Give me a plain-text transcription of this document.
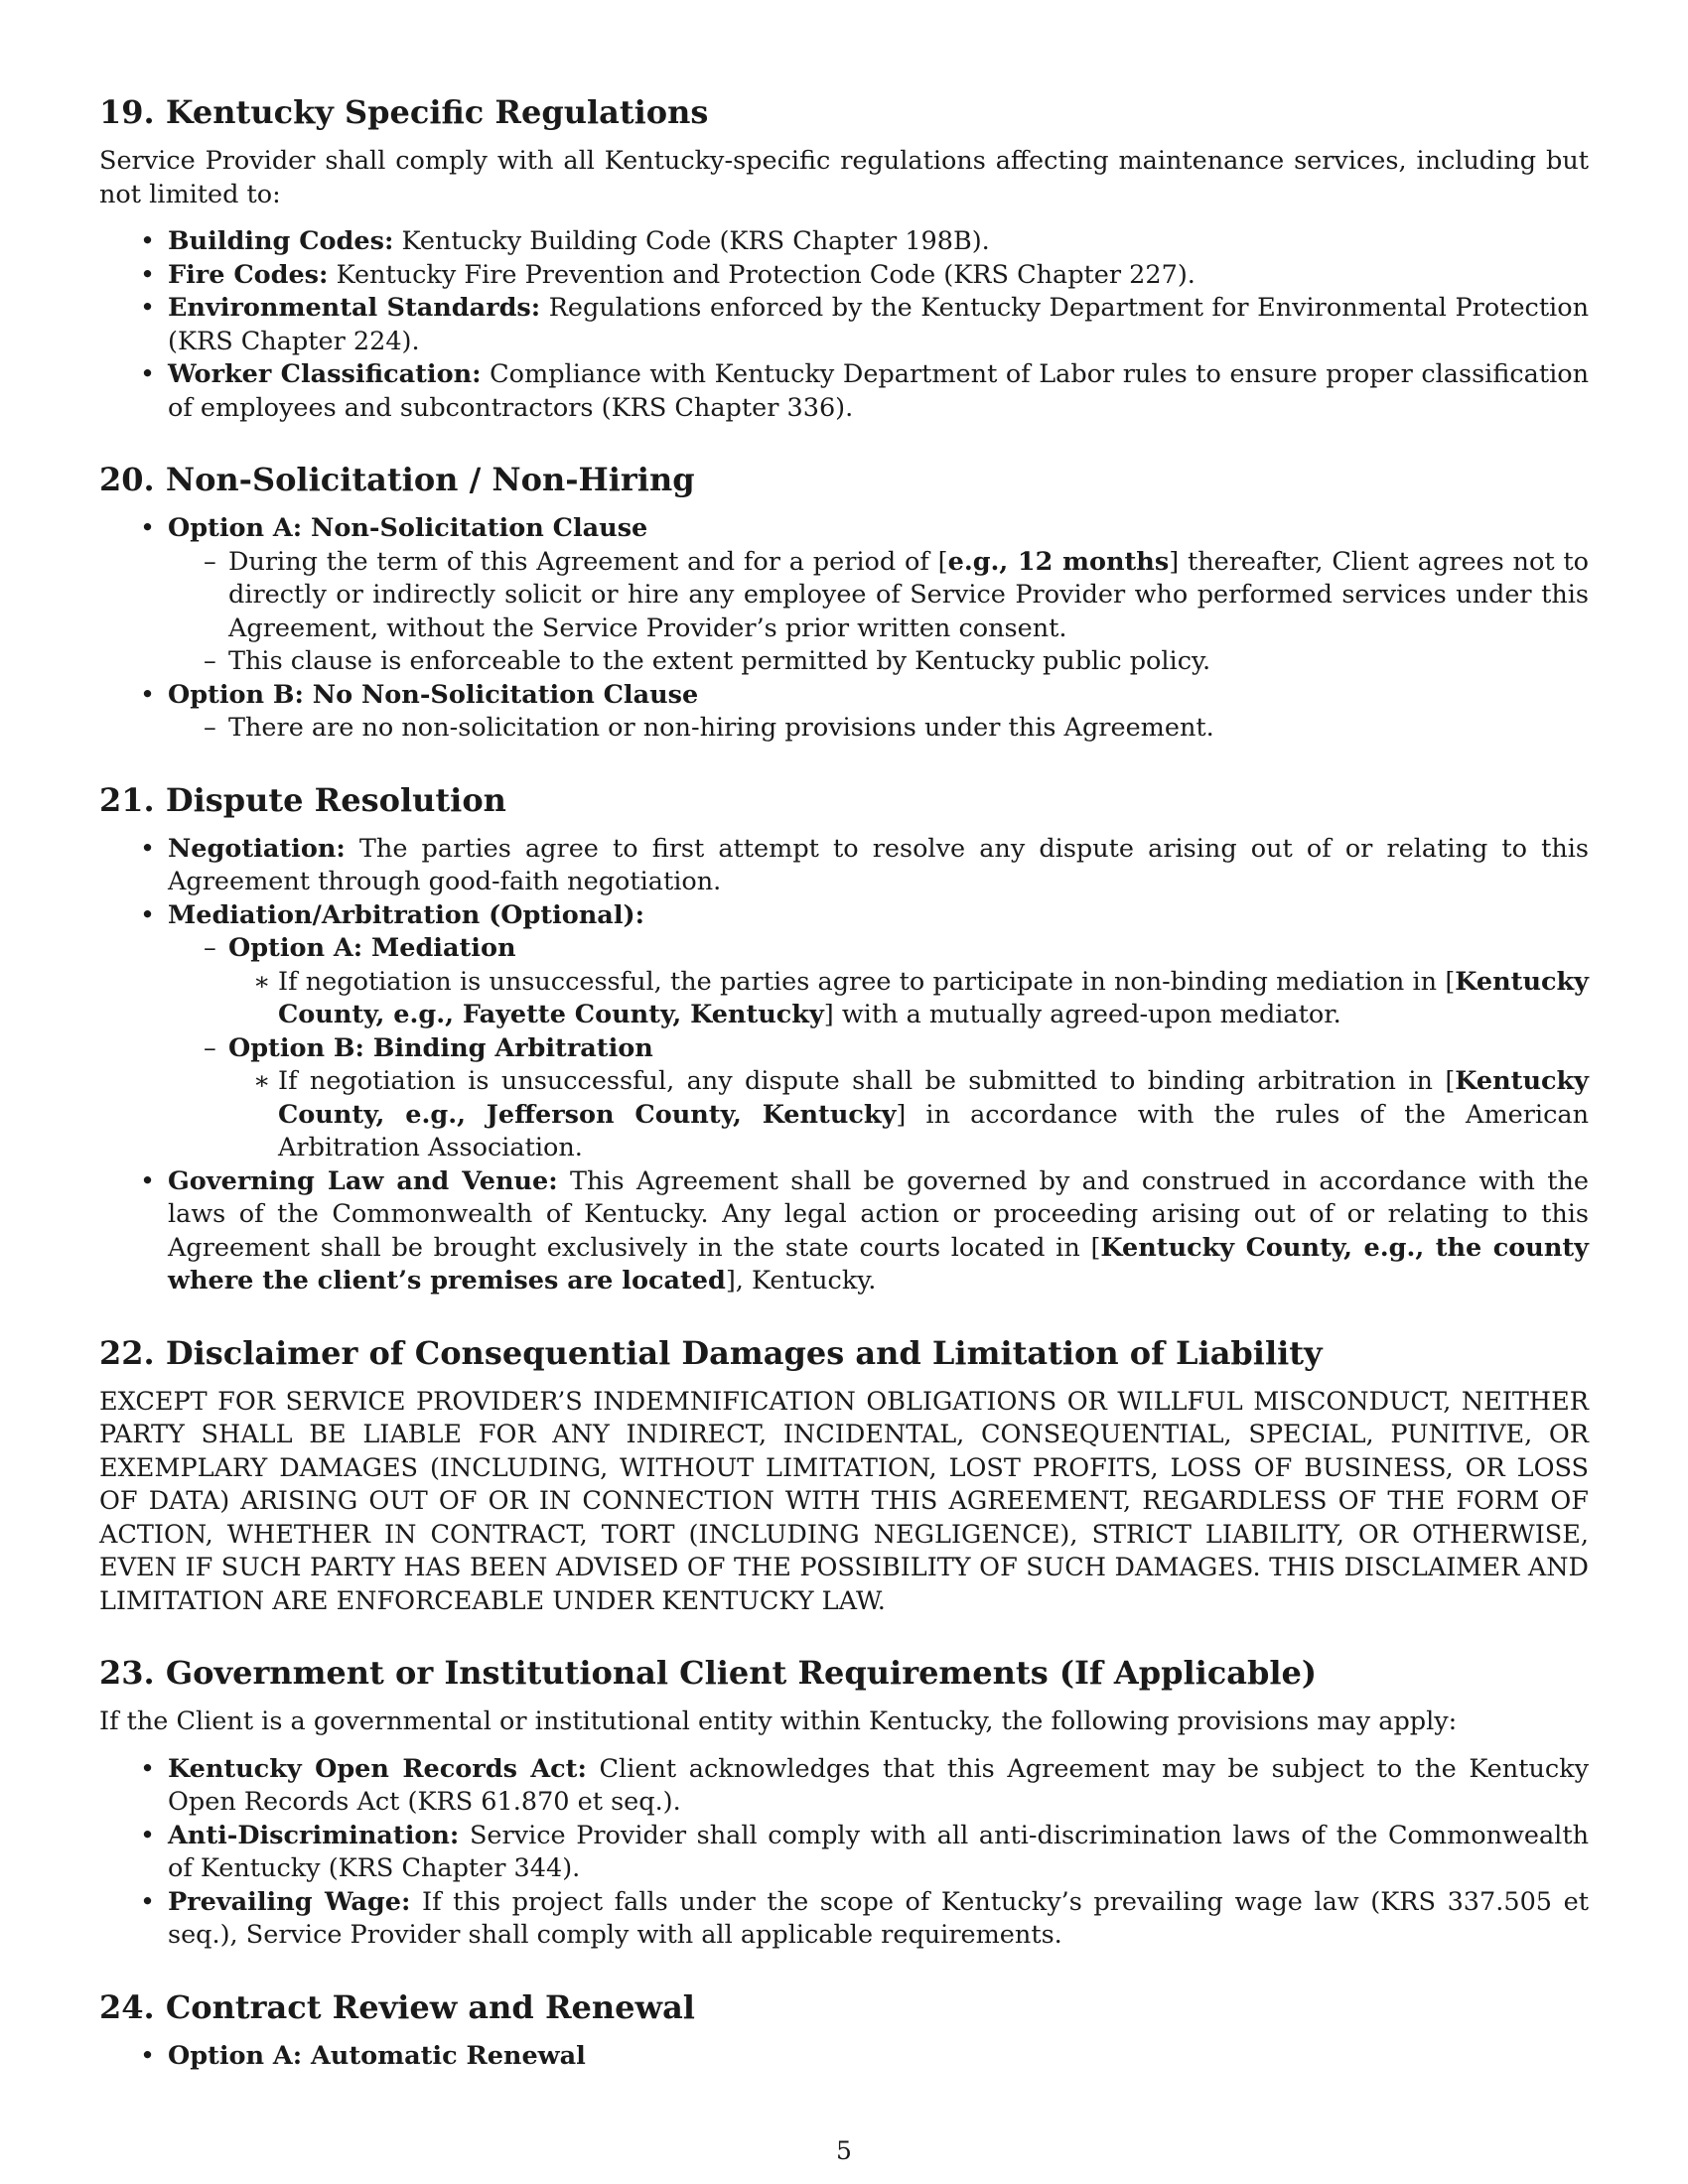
19. Kentucky Specific Regulations

Service Provider shall comply with all Kentucky-specific regulations affecting maintenance services, including but not limited to:

• Building Codes: Kentucky Building Code (KRS Chapter 198B).
• Fire Codes: Kentucky Fire Prevention and Protection Code (KRS Chapter 227).
• Environmental Standards: Regulations enforced by the Kentucky Department for Environmental Protection (KRS Chapter 224).
• Worker Classification: Compliance with Kentucky Department of Labor rules to ensure proper classification of employees and subcontractors (KRS Chapter 336).
20. Non-Solicitation / Non-Hiring
• Option A: Non-Solicitation Clause
– During the term of this Agreement and for a period of [e.g., 12 months] thereafter, Client agrees not to directly or indirectly solicit or hire any employee of Service Provider who performed services under this Agreement, without the Service Provider’s prior written consent.
– This clause is enforceable to the extent permitted by Kentucky public policy.
• Option B: No Non-Solicitation Clause
– There are no non-solicitation or non-hiring provisions under this Agreement.
21. Dispute Resolution
• Negotiation: The parties agree to first attempt to resolve any dispute arising out of or relating to this Agreement through good-faith negotiation.
• Mediation/Arbitration (Optional):
– Option A: Mediation
∗ If negotiation is unsuccessful, the parties agree to participate in non-binding mediation in [Kentucky County, e.g., Fayette County, Kentucky] with a mutually agreed-upon mediator.
– Option B: Binding Arbitration
∗ If negotiation is unsuccessful, any dispute shall be submitted to binding arbitration in [Kentucky County, e.g., Jefferson County, Kentucky] in accordance with the rules of the American Arbitration Association.
• Governing Law and Venue: This Agreement shall be governed by and construed in accordance with the laws of the Commonwealth of Kentucky. Any legal action or proceeding arising out of or relating to this Agreement shall be brought exclusively in the state courts located in [Kentucky County, e.g., the county where the client’s premises are located], Kentucky.
22. Disclaimer of Consequential Damages and Limitation of Liability

EXCEPT FOR SERVICE PROVIDER’S INDEMNIFICATION OBLIGATIONS OR WILLFUL MISCONDUCT, NEITHER PARTY SHALL BE LIABLE FOR ANY INDIRECT, INCIDENTAL, CONSEQUENTIAL, SPECIAL, PUNITIVE, OR EXEMPLARY DAMAGES (INCLUDING, WITHOUT LIMITATION, LOST PROFITS, LOSS OF BUSINESS, OR LOSS OF DATA) ARISING OUT OF OR IN CONNECTION WITH THIS AGREEMENT, REGARDLESS OF THE FORM OF ACTION, WHETHER IN CONTRACT, TORT (INCLUDING NEGLIGENCE), STRICT LIABILITY, OR OTHERWISE, EVEN IF SUCH PARTY HAS BEEN ADVISED OF THE POSSIBILITY OF SUCH DAMAGES. THIS DISCLAIMER AND LIMITATION ARE ENFORCEABLE UNDER KENTUCKY LAW.

23. Government or Institutional Client Requirements (If Applicable)

If the Client is a governmental or institutional entity within Kentucky, the following provisions may apply:

• Kentucky Open Records Act: Client acknowledges that this Agreement may be subject to the Kentucky Open Records Act (KRS 61.870 et seq.).
• Anti-Discrimination: Service Provider shall comply with all anti-discrimination laws of the Commonwealth of Kentucky (KRS Chapter 344).
• Prevailing Wage: If this project falls under the scope of Kentucky’s prevailing wage law (KRS 337.505 et seq.), Service Provider shall comply with all applicable requirements.
24. Contract Review and Renewal
• Option A: Automatic Renewal
5
